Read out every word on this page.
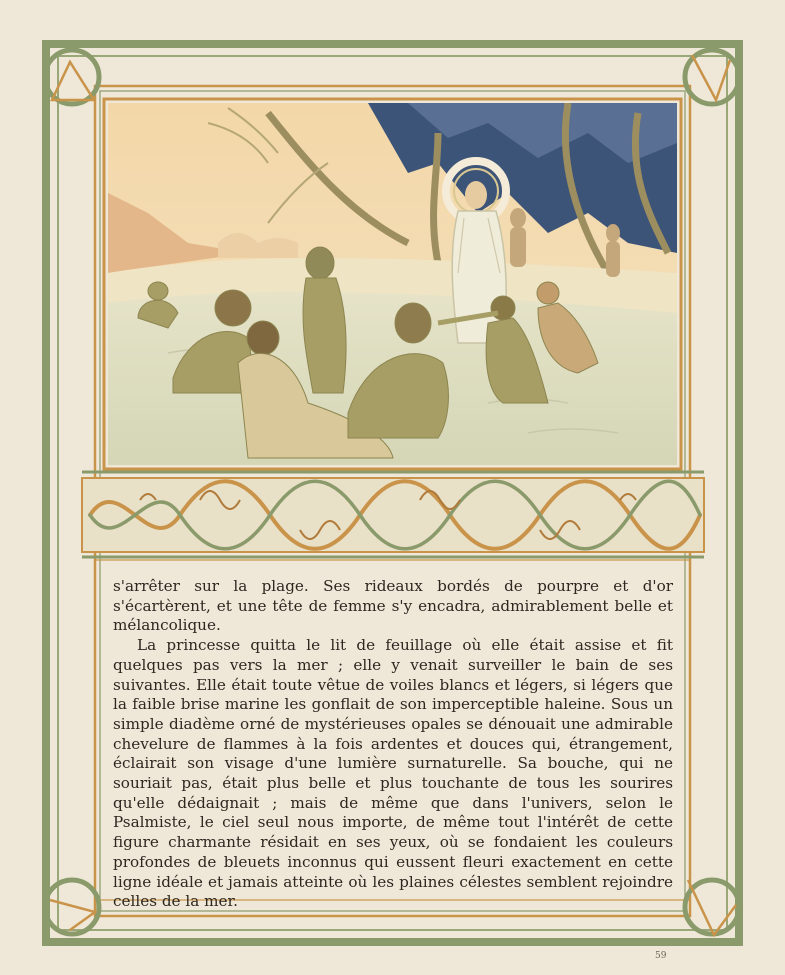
s'arrêter sur la plage. Ses rideaux bordés de pourpre et d'or s'écartèrent, et une tête de femme s'y encadra, admirablement belle et mélancolique.

La princesse quitta le lit de feuillage où elle était assise et fit quelques pas vers la mer ; elle y venait surveiller le bain de ses suivantes. Elle était toute vêtue de voiles blancs et légers, si légers que la faible brise marine les gonflait de son imperceptible haleine. Sous un simple diadème orné de mystérieuses opales se dénouait une admirable chevelure de flammes à la fois ardentes et douces qui, étrangement, éclairait son visage d'une lumière surnaturelle. Sa bouche, qui ne souriait pas, était plus belle et plus touchante de tous les sourires qu'elle dédaignait ; mais de même que dans l'univers, selon le Psalmiste, le ciel seul nous importe, de même tout l'intérêt de cette figure charmante résidait en ses yeux, où se fondaient les couleurs profondes de bleuets inconnus qui eussent fleuri exactement en cette ligne idéale et jamais atteinte où les plaines célestes semblent rejoindre celles de la mer.

59
